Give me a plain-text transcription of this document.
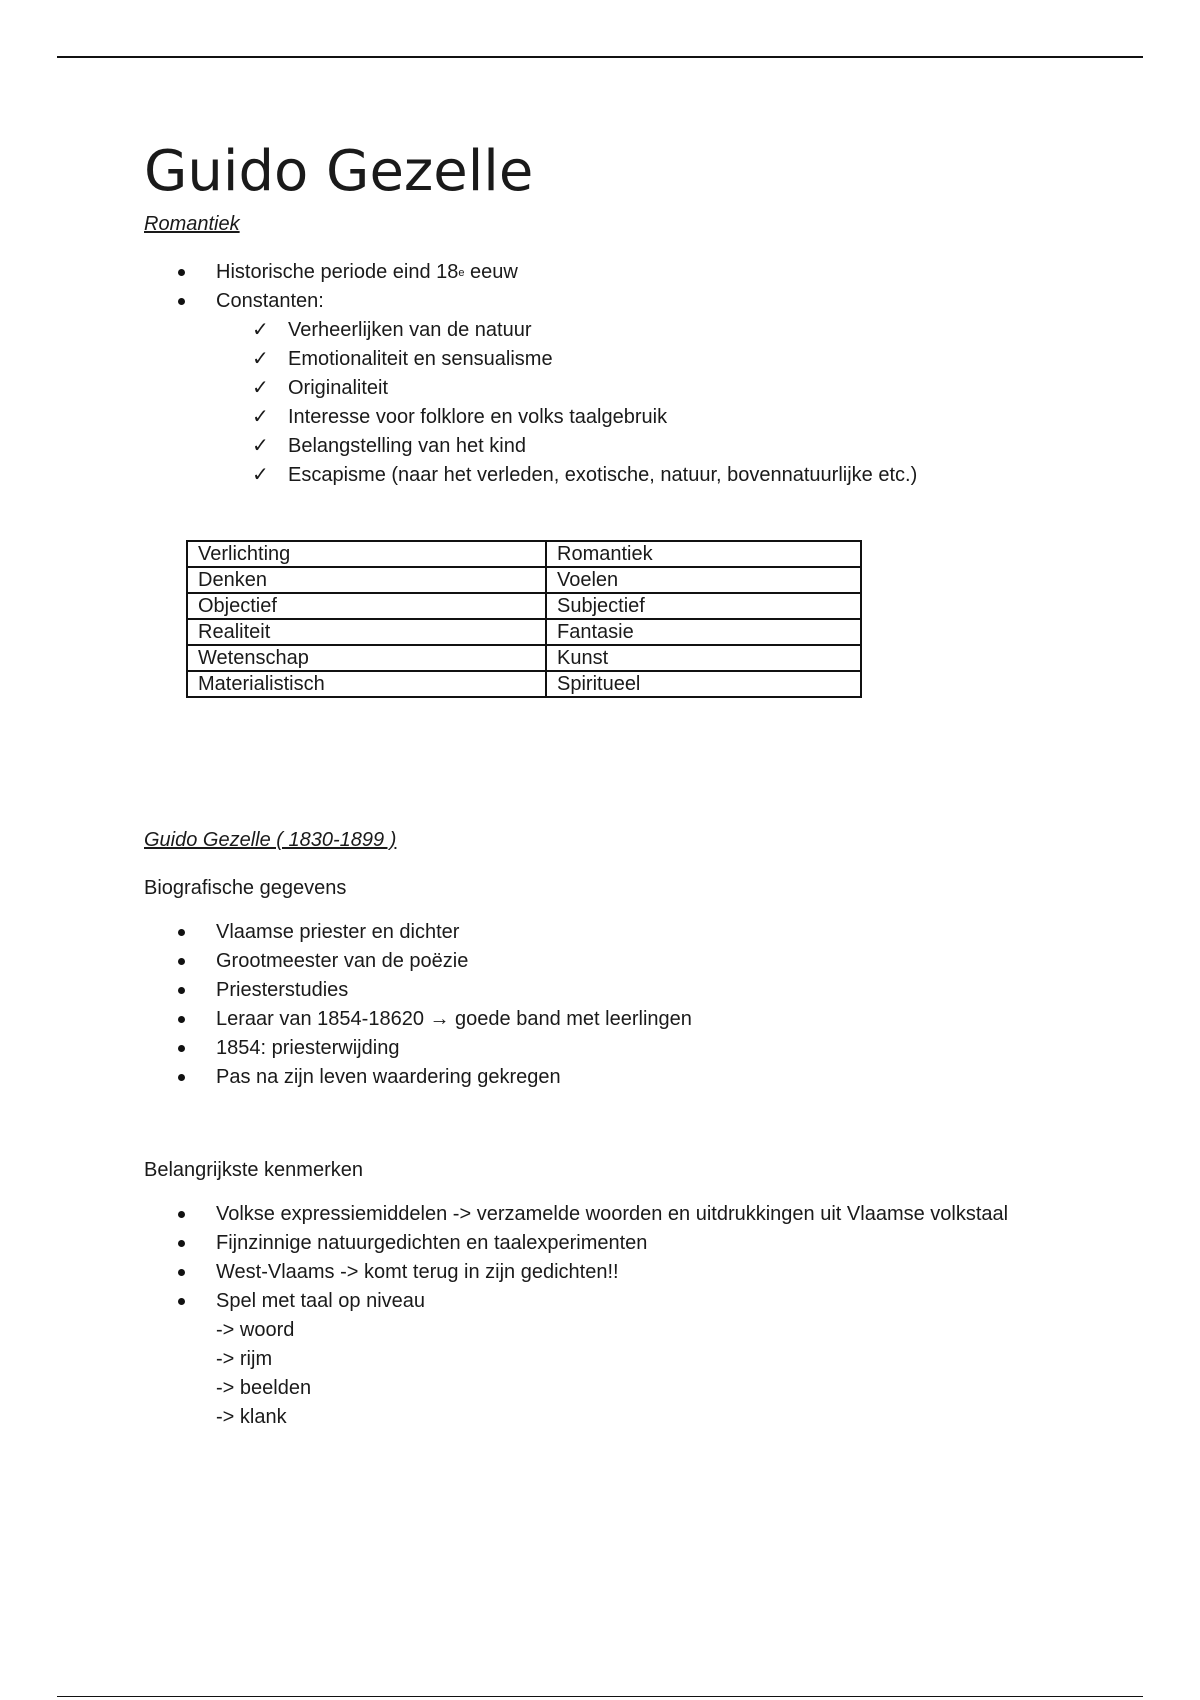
Guido Gezelle
Romantiek
Historische periode eind 18e eeuw
Constanten:
✓ Verheerlijken van de natuur
✓ Emotionaliteit en sensualisme
✓ Originaliteit
✓ Interesse voor folklore en volks taalgebruik
✓ Belangstelling van het kind
✓ Escapisme (naar het verleden, exotische, natuur, bovennatuurlijke etc.)
Verlichting	Romantiek
Denken	Voelen
Objectief	Subjectief
Realiteit	Fantasie
Wetenschap	Kunst
Materialistisch	Spiritueel
Guido Gezelle ( 1830-1899 )
Biografische gegevens
Vlaamse priester en dichter
Grootmeester van de poëzie
Priesterstudies
Leraar van 1854-18620 → goede band met leerlingen
1854: priesterwijding
Pas na zijn leven waardering gekregen
Belangrijkste kenmerken
Volkse expressiemiddelen -> verzamelde woorden en uitdrukkingen uit Vlaamse volkstaal
Fijnzinnige natuurgedichten en taalexperimenten
West-Vlaams -> komt terug in zijn gedichten!!
Spel met taal op niveau
-> woord
-> rijm
-> beelden
-> klank
